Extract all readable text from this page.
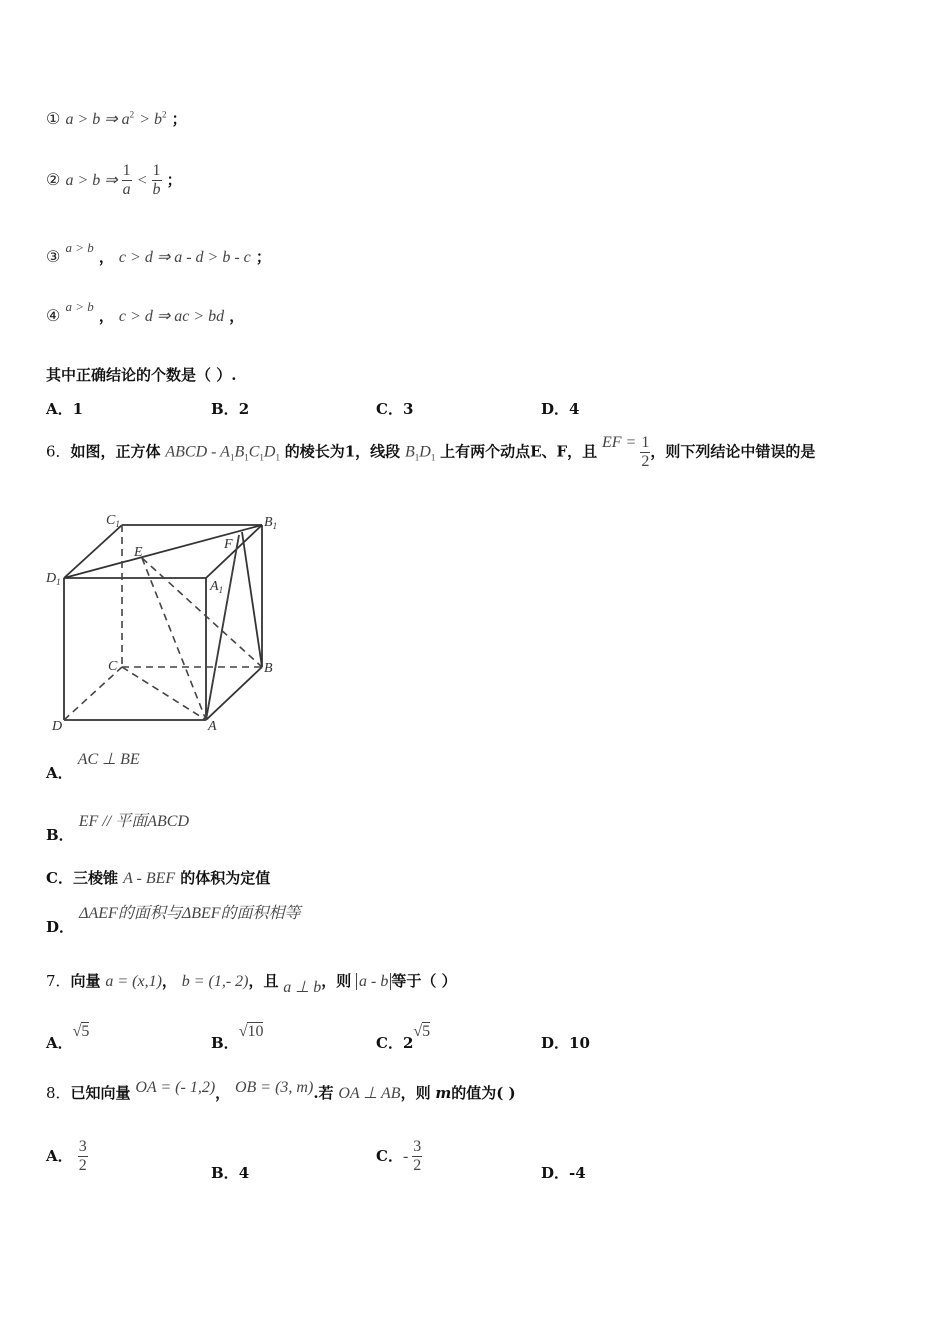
① a > b ⇒ $a^2 > b^2$ ；
② a > b ⇒ $\frac{1}{a} < \frac{1}{b}$ ；
③ $^{a > b}$ ， c > d ⇒ a - d > b - c ；
④ $^{a > b}$ ， c > d ⇒ ac > bd ，
其中正确结论的个数是（ ）.
A．1	B．2	C．3	D．4
6．如图，正方体 ABCD - $A_1B_1C_1D_1$ 的棱长为1，线段 $B_1D_1$ 上有两个动点E、F，且 EF = $\frac{1}{2}$ ，则下列结论中错误的是
$C_1$	$B_1$
E
F
$D_1$	$A_1$
C	B
D	A
A． AC ⊥ BE
B． EF // 平面ABCD
C．三棱锥 A - BEF 的体积为定值
D． ΔAEF的面积与ΔBEF的面积相等
7．向量 a = (x,1)， b = (1,- 2)，且 a ⊥ b，则 a - b 等于（ ）
A．√5
B．√10
C．2√5
D．10
8．已知向量 OA = (- 1,2)， OB = (3, m).若 OA ⊥ AB，则 m的值为( )
A． $\frac{3}{2}$	B．4
C．- $\frac{3}{2}$	D．-4
